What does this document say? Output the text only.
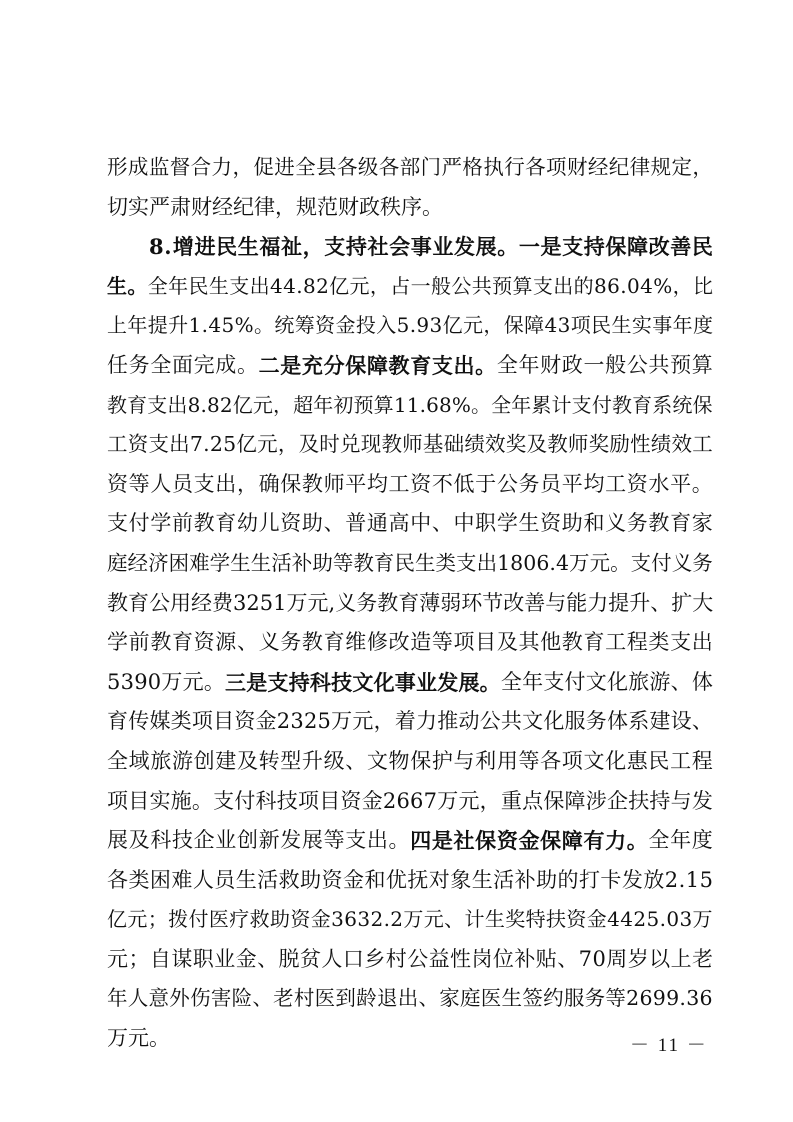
形 成 监 督 合 力 ， 促 进 全 县 各 级 各 部 门 严 格 执 行 各 项 财 经 纪 律 规 定 ，
切 实 严 肃 财 经 纪 律 ， 规 范 财 政 秩 序 。
8 . 增 进 民 生 福 祉 ， 支 持 社 会 事 业 发 展 。 一 是 支 持 保 障 改 善 民
生 。 全 年 民 生 支 出 4 4 . 8 2 亿 元 ， 占 一 般 公 共 预 算 支 出 的 8 6 . 0 4 % ， 比
上 年 提 升 1 . 4 5 % 。 统 筹 资 金 投 入 5 . 9 3 亿 元 ， 保 障 4 3 项 民 生 实 事 年 度
任 务 全 面 完 成 。 二 是 充 分 保 障 教 育 支 出 。 全 年 财 政 一 般 公 共 预 算
教 育 支 出 8 . 8 2 亿 元 ， 超 年 初 预 算 1 1 . 6 8 % 。 全 年 累 计 支 付 教 育 系 统 保
工 资 支 出 7 . 2 5 亿 元 ， 及 时 兑 现 教 师 基 础 绩 效 奖 及 教 师 奖 励 性 绩 效 工
资 等 人 员 支 出 ， 确 保 教 师 平 均 工 资 不 低 于 公 务 员 平 均 工 资 水 平 。
支 付 学 前 教 育 幼 儿 资 助 、 普 通 高 中 、 中 职 学 生 资 助 和 义 务 教 育 家
庭 经 济 困 难 学 生 生 活 补 助 等 教 育 民 生 类 支 出 1 8 0 6 . 4 万 元 。 支 付 义 务
教 育 公 用 经 费 3 2 5 1 万 元 , 义 务 教 育 薄 弱 环 节 改 善 与 能 力 提 升 、 扩 大
学 前 教 育 资 源 、 义 务 教 育 维 修 改 造 等 项 目 及 其 他 教 育 工 程 类 支 出
5 3 9 0 万 元 。 三 是 支 持 科 技 文 化 事 业 发 展 。 全 年 支 付 文 化 旅 游 、 体
育 传 媒 类 项 目 资 金 2 3 2 5 万 元 ， 着 力 推 动 公 共 文 化 服 务 体 系 建 设 、
全 域 旅 游 创 建 及 转 型 升 级 、 文 物 保 护 与 利 用 等 各 项 文 化 惠 民 工 程
项 目 实 施 。 支 付 科 技 项 目 资 金 2 6 6 7 万 元 ， 重 点 保 障 涉 企 扶 持 与 发
展 及 科 技 企 业 创 新 发 展 等 支 出 。 四 是 社 保 资 金 保 障 有 力 。 全 年 度
各 类 困 难 人 员 生 活 救 助 资 金 和 优 抚 对 象 生 活 补 助 的 打 卡 发 放 2 . 1 5
亿 元 ； 拨 付 医 疗 救 助 资 金 3 6 3 2 . 2 万 元 、 计 生 奖 特 扶 资 金 4 4 2 5 . 0 3 万
元 ； 自 谋 职 业 金 、 脱 贫 人 口 乡 村 公 益 性 岗 位 补 贴 、 7 0 周 岁 以 上 老
年 人 意 外 伤 害 险 、 老 村 医 到 龄 退 出 、 家 庭 医 生 签 约 服 务 等 2 6 9 9 . 3 6
万 元 。	－ 11 －
